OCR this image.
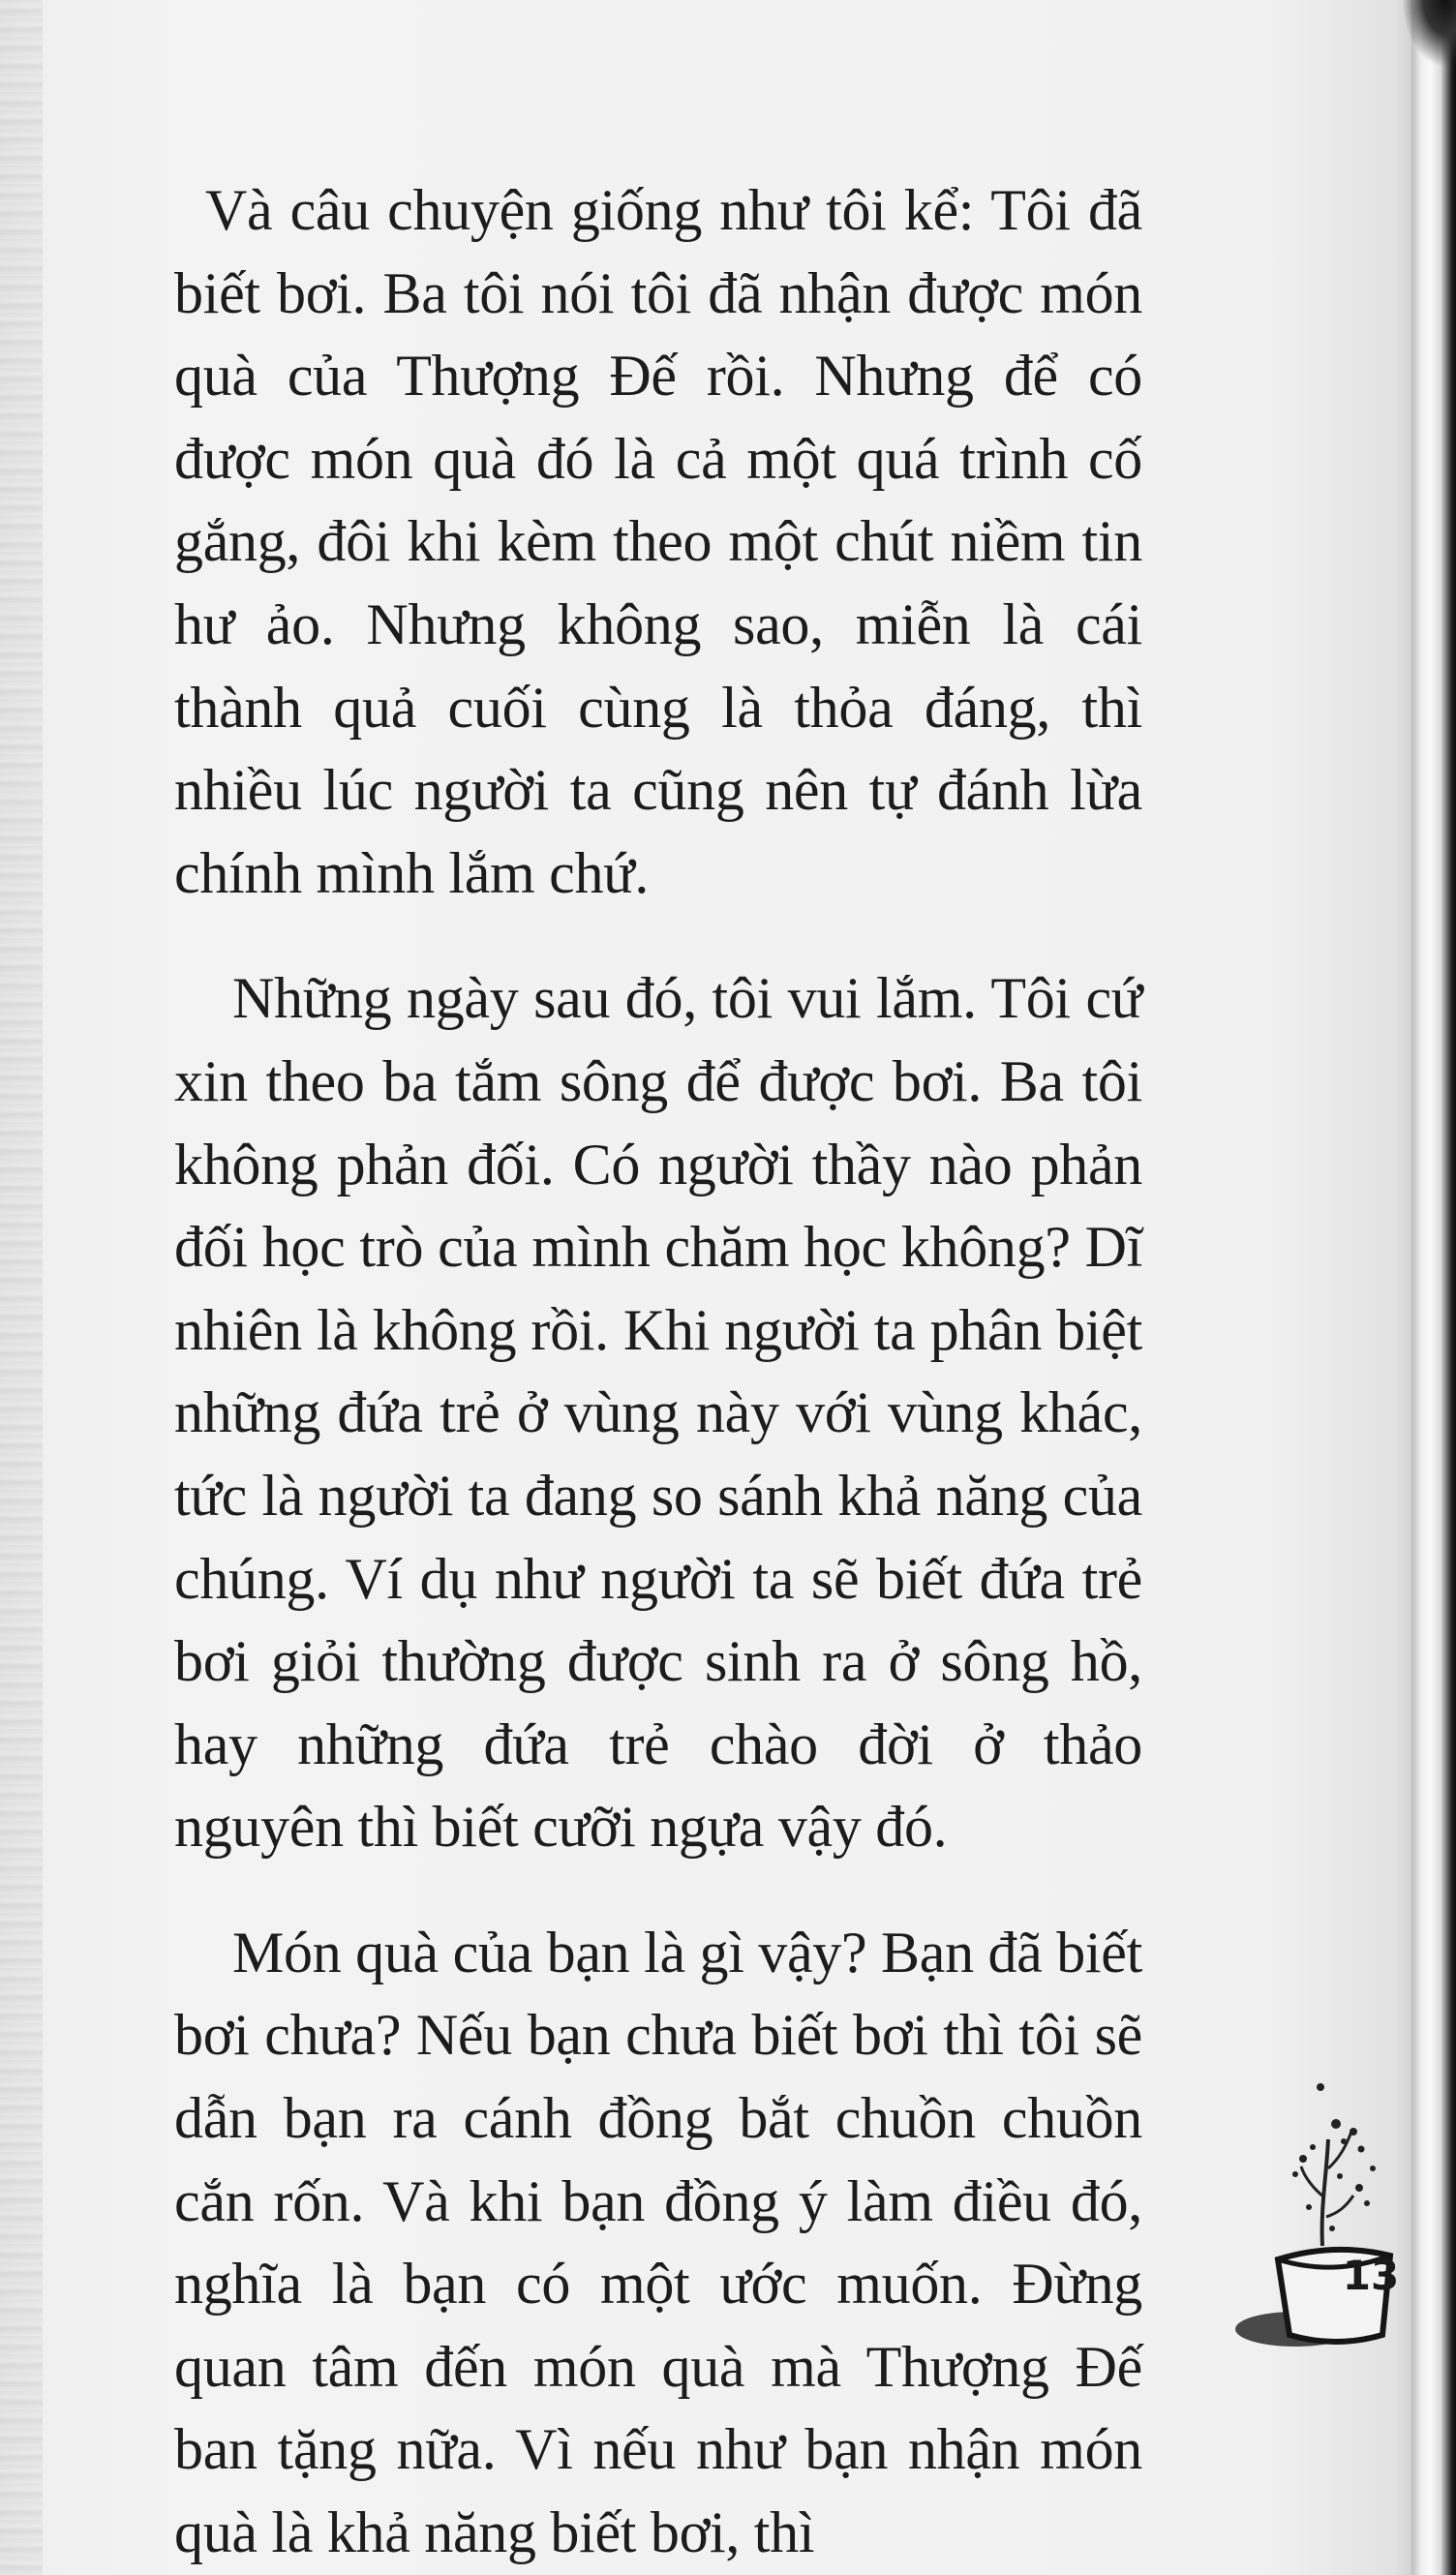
Và câu chuyện giống như tôi kể: Tôi đã biết bơi. Ba tôi nói tôi đã nhận được món quà của Thượng Đế rồi. Nhưng để có được món quà đó là cả một quá trình cố gắng, đôi khi kèm theo một chút niềm tin hư ảo. Nhưng không sao, miễn là cái thành quả cuối cùng là thỏa đáng, thì nhiều lúc người ta cũng nên tự đánh lừa chính mình lắm chứ.

Những ngày sau đó, tôi vui lắm. Tôi cứ xin theo ba tắm sông để được bơi. Ba tôi không phản đối. Có người thầy nào phản đối học trò của mình chăm học không? Dĩ nhiên là không rồi. Khi người ta phân biệt những đứa trẻ ở vùng này với vùng khác, tức là người ta đang so sánh khả năng của chúng. Ví dụ như người ta sẽ biết đứa trẻ bơi giỏi thường được sinh ra ở sông hồ, hay những đứa trẻ chào đời ở thảo nguyên thì biết cưỡi ngựa vậy đó.

Món quà của bạn là gì vậy? Bạn đã biết bơi chưa? Nếu bạn chưa biết bơi thì tôi sẽ dẫn bạn ra cánh đồng bắt chuồn chuồn cắn rốn. Và khi bạn đồng ý làm điều đó, nghĩa là bạn có một ước muốn. Đừng quan tâm đến món quà mà Thượng Đế ban tặng nữa. Vì nếu như bạn nhận món quà là khả năng biết bơi, thì

13
